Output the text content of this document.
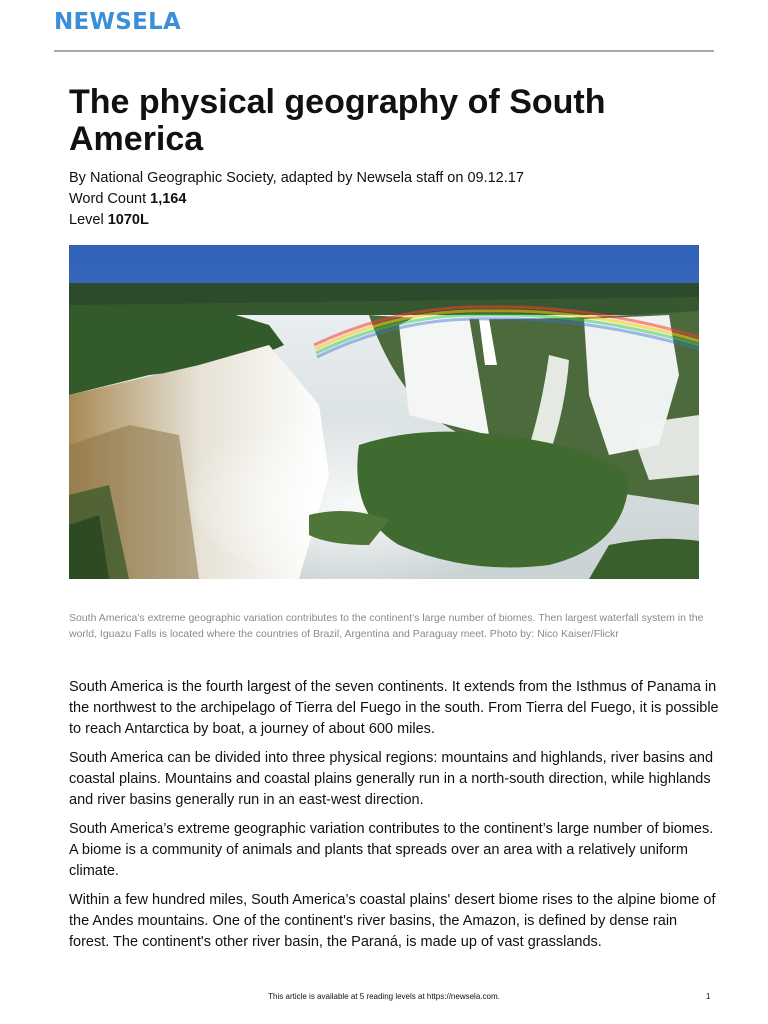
NEWSELA
The physical geography of South America
By National Geographic Society, adapted by Newsela staff on 09.12.17
Word Count 1,164
Level 1070L
South America’s extreme geographic variation contributes to the continent’s large number of biomes. Then largest waterfall system in the world, Iguazu Falls is located where the countries of Brazil, Argentina and Paraguay meet. Photo by: Nico Kaiser/Flickr

South America is the fourth largest of the seven continents. It extends from the Isthmus of Panama in the northwest to the archipelago of Tierra del Fuego in the south. From Tierra del Fuego, it is possible to reach Antarctica by boat, a journey of about 600 miles.

South America can be divided into three physical regions: mountains and highlands, river basins and coastal plains. Mountains and coastal plains generally run in a north-south direction, while highlands and river basins generally run in an east-west direction.

South America’s extreme geographic variation contributes to the continent’s large number of biomes. A biome is a community of animals and plants that spreads over an area with a relatively uniform climate.

Within a few hundred miles, South America’s coastal plains' desert biome rises to the alpine biome of the Andes mountains. One of the continent's river basins, the Amazon, is defined by dense rain forest. The continent's other river basin, the Paraná, is made up of vast grasslands.

This article is available at 5 reading levels at https://newsela.com.	1
